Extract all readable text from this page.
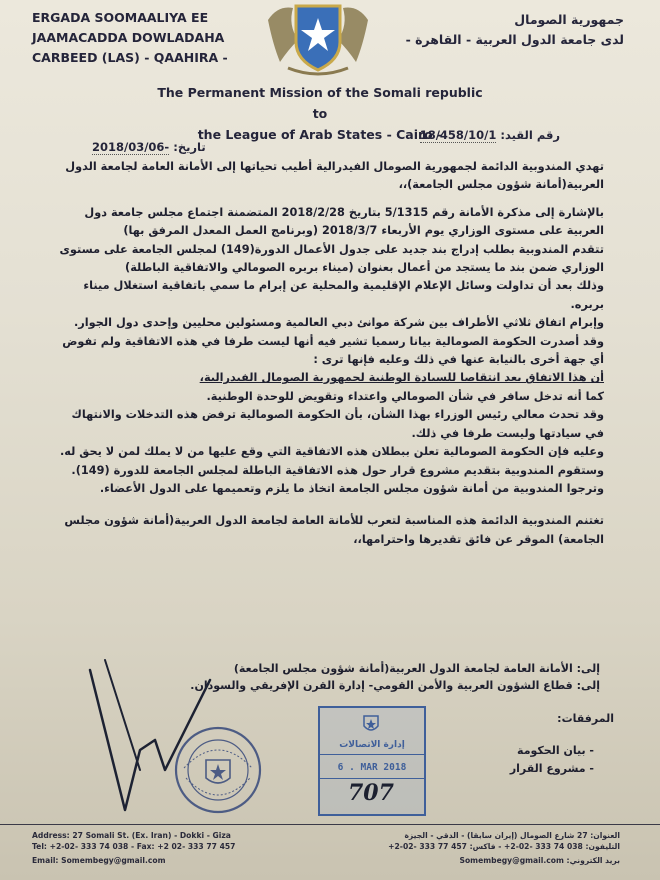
ERGADA SOOMAALIYA EE
JAAMACADDA DOWLADAHA
CARBEED (LAS) - QAAHIRA -
جمهورية الصومال
لدى جامعة الدول العربية - القاهرة -
The Permanent Mission of the Somali republic to
the League of Arab States - Cairo -	رقم القيد: 18/458/10/1
تاريخ: -2018/03/06

تهدي المندوبية الدائمة لجمهورية الصومال الفيدرالية أطيب تحياتها إلى الأمانة العامة لجامعة الدول العربية(أمانة شؤون مجلس الجامعة)،،

بالإشارة إلى مذكرة الأمانة رقم 5/1315 بتاريخ 2018/2/28 المتضمنة اجتماع مجلس جامعة دول العربية على مستوى الوزاري يوم الأربعاء 2018/3/7 (وبرنامج العمل المعدل المرفق بها)

تتقدم المندوبية بطلب إدراج بند جديد على جدول الأعمال الدورة(149) لمجلس الجامعة على مستوى الوزاري ضمن بند ما يستجد من أعمال بعنوان (ميناء بربره الصومالي والاتفاقية الباطلة)

وذلك بعد أن تداولت وسائل الإعلام الإقليمية والمحلية عن إبرام ما سمي باتفاقية استغلال ميناء بربره.

وإبرام اتفاق ثلاثي الأطراف بين شركة موانئ دبي العالمية ومسئولين محليين وإحدى دول الجوار.

وقد أصدرت الحكومة الصومالية بيانا رسميا تشير فيه أنها ليست طرفا في هذه الاتفاقية ولم تفوض أي جهة أخرى بالنيابة عنها في ذلك وعليه فإنها ترى :

أن هذا الاتفاق يعد انتقاصا للسيادة الوطنية لجمهورية الصومال الفيدرالية،

كما أنه تدخل سافر في شأن الصومالي واعتداء وتقويض للوحدة الوطنية.

وقد تحدث معالي رئيس الوزراء بهذا الشأن، بأن الحكومة الصومالية ترفض هذه التدخلات والانتهاك في سيادتها وليست طرفا في ذلك.

وعليه فإن الحكومة الصومالية تعلن ببطلان هذه الاتفاقية التي وقع عليها من لا يملك لمن لا يحق له.

وستقوم المندوبية بتقديم مشروع قرار حول هذه الاتفاقية الباطلة لمجلس الجامعة للدورة (149).

وترجوا المندوبية من أمانة شؤون مجلس الجامعة اتخاذ ما يلزم وتعميمها على الدول الأعضاء.

تغتنم المندوبية الدائمة هذه المناسبة لتعرب للأمانة العامة لجامعة الدول العربية(أمانة شؤون مجلس الجامعة) الموقر عن فائق تقديرها واحترامها،،

إلى: الأمانة العامة لجامعة الدول العربية(أمانة شؤون مجلس الجامعة)
إلى: قطاع الشؤون العربية والأمن القومي- إدارة القرن الإفريقي والسودان.
المرفقات:
- بيان الحكومة
- مشروع القرار
إدارة الاتصالات
6 . MAR 2018
707
Address: 27 Somali St. (Ex. Iran) - Dokki - Giza
Tel: +2-02- 333 74 038 - Fax: +2 02- 333 77 457
Email: Somembegy@gmail.com
العنوان: 27 شارع الصومال (إيران سابقا) - الدقي - الجيزة
التليفون: 038 74 333 -02-2+ - فاكس: 457 77 333 -02-2+
بريد الكتروني: Somembegy@gmail.com
